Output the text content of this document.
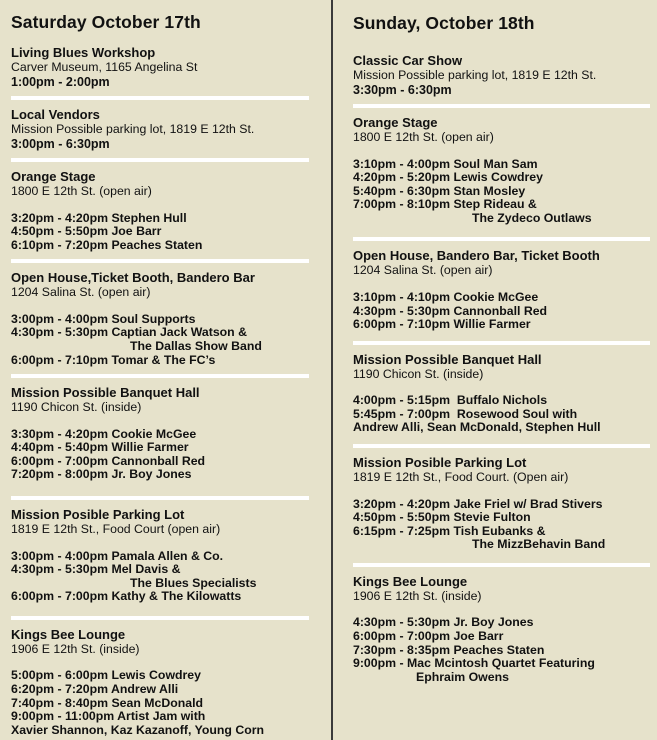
Saturday October 17th
Living Blues Workshop
Carver Museum, 1165 Angelina St
1:00pm - 2:00pm
Local Vendors
Mission Possible parking lot, 1819 E 12th St.
3:00pm - 6:30pm
Orange Stage
1800 E 12th St. (open air)
3:20pm - 4:20pm Stephen Hull
4:50pm - 5:50pm Joe Barr
6:10pm - 7:20pm Peaches Staten
Open House,Ticket Booth, Bandero Bar
1204 Salina St. (open air)
3:00pm - 4:00pm Soul Supports
4:30pm - 5:30pm Captian Jack Watson &
The Dallas Show Band
6:00pm - 7:10pm Tomar & The FC’s
Mission Possible Banquet Hall
1190 Chicon St. (inside)
3:30pm - 4:20pm Cookie McGee
4:40pm - 5:40pm Willie Farmer
6:00pm - 7:00pm Cannonball Red
7:20pm - 8:00pm Jr. Boy Jones
Mission Posible Parking Lot
1819 E 12th St., Food Court (open air)
3:00pm - 4:00pm Pamala Allen & Co.
4:30pm - 5:30pm Mel Davis &
The Blues Specialists
6:00pm - 7:00pm Kathy & The Kilowatts
Kings Bee Lounge
1906 E 12th St. (inside)
5:00pm - 6:00pm Lewis Cowdrey
6:20pm - 7:20pm Andrew Alli
7:40pm - 8:40pm Sean McDonald
9:00pm - 11:00pm Artist Jam with
Xavier Shannon, Kaz Kazanoff, Young Corn
Sunday, October 18th
Classic Car Show
Mission Possible parking lot, 1819 E 12th St.
3:30pm - 6:30pm
Orange Stage
1800 E 12th St. (open air)
3:10pm - 4:00pm Soul Man Sam
4:20pm - 5:20pm Lewis Cowdrey
5:40pm - 6:30pm Stan Mosley
7:00pm - 8:10pm Step Rideau &
The Zydeco Outlaws
Open House, Bandero Bar, Ticket Booth
1204 Salina St. (open air)
3:10pm - 4:10pm Cookie McGee
4:30pm - 5:30pm Cannonball Red
6:00pm - 7:10pm Willie Farmer
Mission Possible Banquet Hall
1190 Chicon St. (inside)
4:00pm - 5:15pm  Buffalo Nichols
5:45pm - 7:00pm  Rosewood Soul with
Andrew Alli, Sean McDonald, Stephen Hull
Mission Posible Parking Lot
1819 E 12th St., Food Court. (Open air)
3:20pm - 4:20pm Jake Friel w/ Brad Stivers
4:50pm - 5:50pm Stevie Fulton
6:15pm - 7:25pm Tish Eubanks &
The MizzBehavin Band
Kings Bee Lounge
1906 E 12th St. (inside)
4:30pm - 5:30pm Jr. Boy Jones
6:00pm - 7:00pm Joe Barr
7:30pm - 8:35pm Peaches Staten
9:00pm - Mac Mcintosh Quartet Featuring
Ephraim Owens
